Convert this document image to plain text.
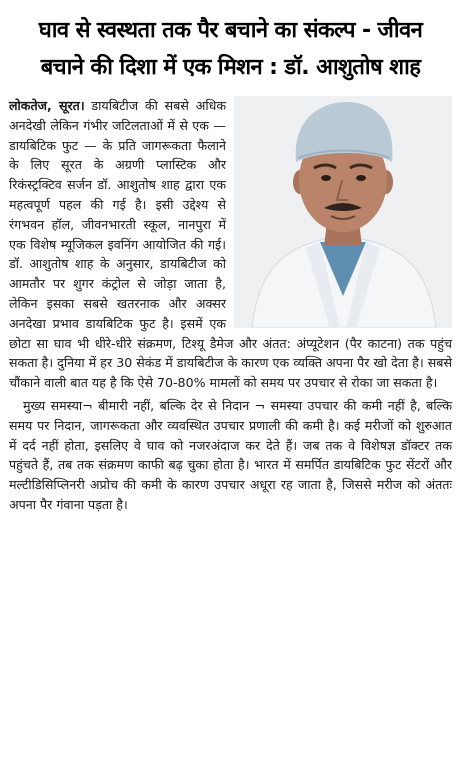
घाव से स्वस्थता तक पैर बचाने का संकल्प - जीवन
बचाने की दिशा में एक मिशन : डॉ. आशुतोष शाह

लोकतेज, सूरत। डायबिटीज की सबसे अधिक अनदेखी लेकिन गंभीर जटिलताओं में से एक — डायबिटिक फुट — के प्रति जागरूकता फैलाने के लिए सूरत के अग्रणी प्लास्टिक और रिकंस्ट्रक्टिव सर्जन डॉ. आशुतोष शाह द्वारा एक महत्वपूर्ण पहल की गई है। इसी उद्देश्य से रंगभवन हॉल, जीवनभारती स्कूल, नानपुरा में एक विशेष म्यूजिकल इवनिंग आयोजित की गई। डॉ. आशुतोष शाह के अनुसार, डायबिटीज को आमतौर पर शुगर कंट्रोल से जोड़ा जाता है, लेकिन इसका सबसे खतरनाक और अक्सर अनदेखा प्रभाव डायबिटिक फुट है। इसमें एक छोटा सा घाव भी धीरे-धीरे संक्रमण, टिश्यू डैमेज और अंतत: अंप्यूटेशन (पैर काटना) तक पहुंच सकता है। दुनिया में हर 30 सेकंड में डायबिटीज के कारण एक व्यक्ति अपना पैर खो देता है। सबसे चौंकाने वाली बात यह है कि ऐसे 70-80% मामलों को समय पर उपचार से रोका जा सकता है।

मुख्य समस्या¬ बीमारी नहीं, बल्कि देर से निदान ¬ समस्या उपचार की कमी नहीं है, बल्कि समय पर निदान, जागरूकता और व्यवस्थित उपचार प्रणाली की कमी है। कई मरीजों को शुरुआत में दर्द नहीं होता, इसलिए वे घाव को नजरअंदाज कर देते हैं। जब तक वे विशेषज्ञ डॉक्टर तक पहुंचते हैं, तब तक संक्रमण काफी बढ़ चुका होता है। भारत में समर्पित डायबिटिक फुट सेंटरों और मल्टीडिसिप्लिनरी अप्रोच की कमी के कारण उपचार अधूरा रह जाता है, जिससे मरीज को अंततः अपना पैर गंवाना पड़ता है।
